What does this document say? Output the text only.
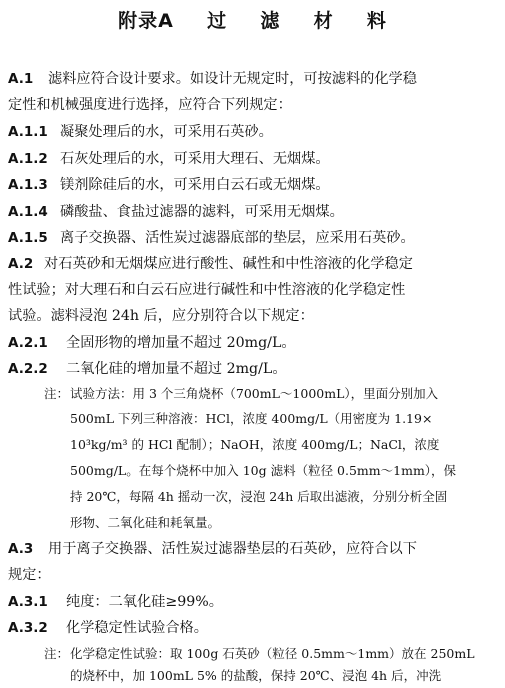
附录A 过 滤 材 料
A.1 滤料应符合设计要求。如设计无规定时，可按滤料的化学稳
定性和机械强度进行选择，应符合下列规定：
A.1.1 凝聚处理后的水，可采用石英砂。
A.1.2 石灰处理后的水，可采用大理石、无烟煤。
A.1.3 镁剂除硅后的水，可采用白云石或无烟煤。
A.1.4 磷酸盐、食盐过滤器的滤料，可采用无烟煤。
A.1.5 离子交换器、活性炭过滤器底部的垫层，应采用石英砂。
A.2 对石英砂和无烟煤应进行酸性、碱性和中性溶液的化学稳定
性试验；对大理石和白云石应进行碱性和中性溶液的化学稳定性
试验。滤料浸泡 24h 后，应分别符合以下规定：
A.2.1 全固形物的增加量不超过 20mg/L。
A.2.2 二氧化硅的增加量不超过 2mg/L。
注：试验方法：用 3 个三角烧杯（700mL～1000mL），里面分别加入
500mL 下列三种溶液：HCl，浓度 400mg/L（用密度为 1.19×
10³kg/m³ 的 HCl 配制）；NaOH，浓度 400mg/L；NaCl，浓度
500mg/L。在每个烧杯中加入 10g 滤料（粒径 0.5mm～1mm），保
持 20℃，每隔 4h 摇动一次，浸泡 24h 后取出滤液，分别分析全固
形物、二氧化硅和耗氧量。
A.3 用于离子交换器、活性炭过滤器垫层的石英砂，应符合以下
规定：
A.3.1 纯度：二氧化硅≥99%。
A.3.2 化学稳定性试验合格。
注：化学稳定性试验：取 100g 石英砂（粒径 0.5mm～1mm）放在 250mL
的烧杯中，加 100mL 5% 的盐酸，保持 20℃、浸泡 4h 后，冲洗
